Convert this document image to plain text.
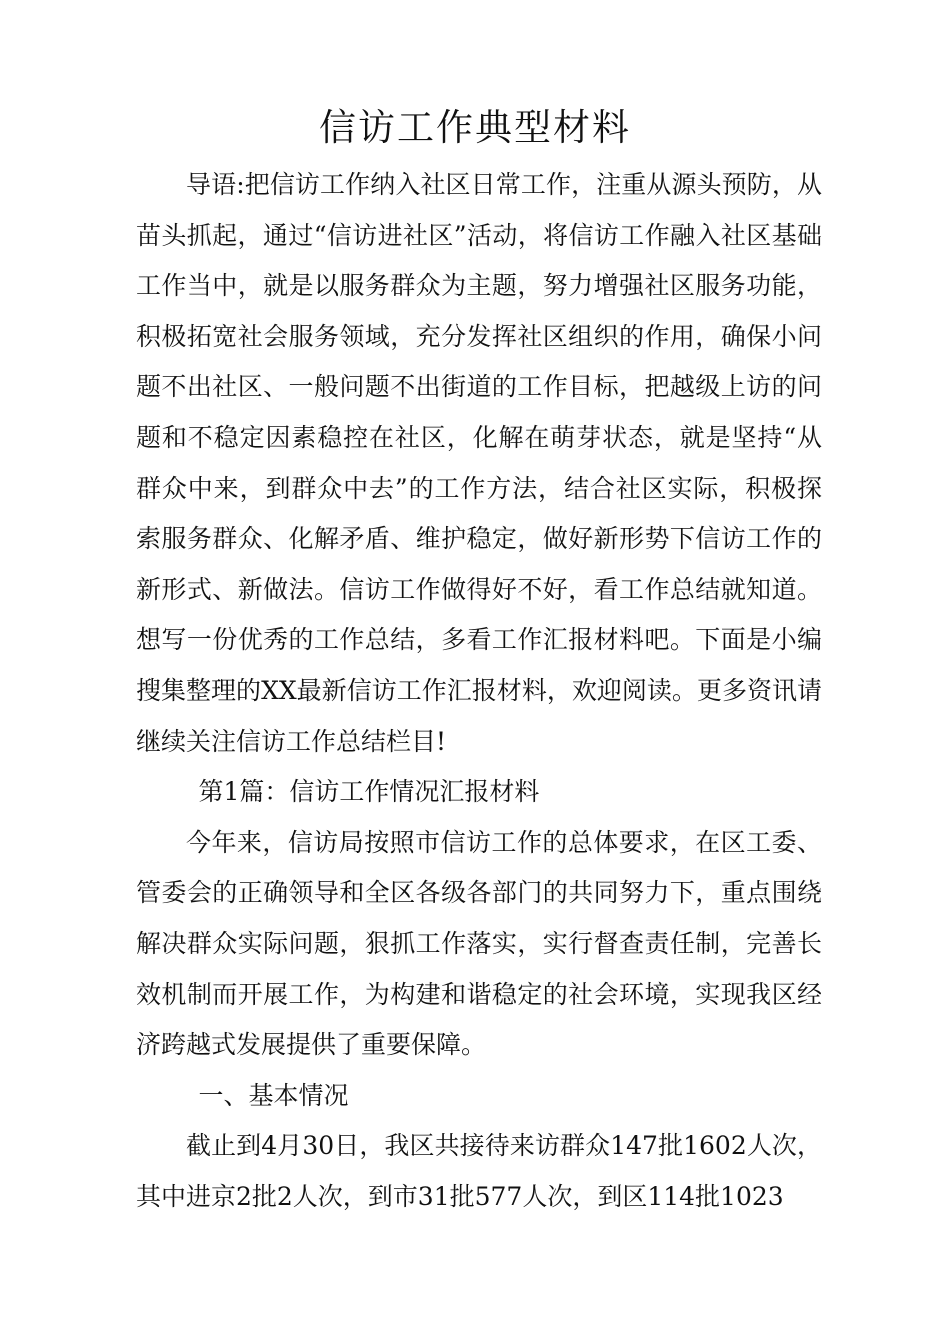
信访工作典型材料

导语:把信访工作纳入社区日常工作，注重从源头预防，从苗头抓起，通过“信访进社区”活动，将信访工作融入社区基础工作当中，就是以服务群众为主题，努力增强社区服务功能，积极拓宽社会服务领域，充分发挥社区组织的作用，确保小问题不出社区、一般问题不出街道的工作目标，把越级上访的问题和不稳定因素稳控在社区，化解在萌芽状态，就是坚持“从群众中来，到群众中去”的工作方法，结合社区实际，积极探索服务群众、化解矛盾、维护稳定，做好新形势下信访工作的新形式、新做法。信访工作做得好不好，看工作总结就知道。想写一份优秀的工作总结，多看工作汇报材料吧。下面是小编搜集整理的XX最新信访工作汇报材料，欢迎阅读。更多资讯请继续关注信访工作总结栏目!

第1篇：信访工作情况汇报材料

今年来，信访局按照市信访工作的总体要求，在区工委、管委会的正确领导和全区各级各部门的共同努力下，重点围绕解决群众实际问题，狠抓工作落实，实行督查责任制，完善长效机制而开展工作，为构建和谐稳定的社会环境，实现我区经济跨越式发展提供了重要保障。

一、基本情况

截止到4月30日，我区共接待来访群众147批1602人次，其中进京2批2人次，到市31批577人次，到区114批1023
